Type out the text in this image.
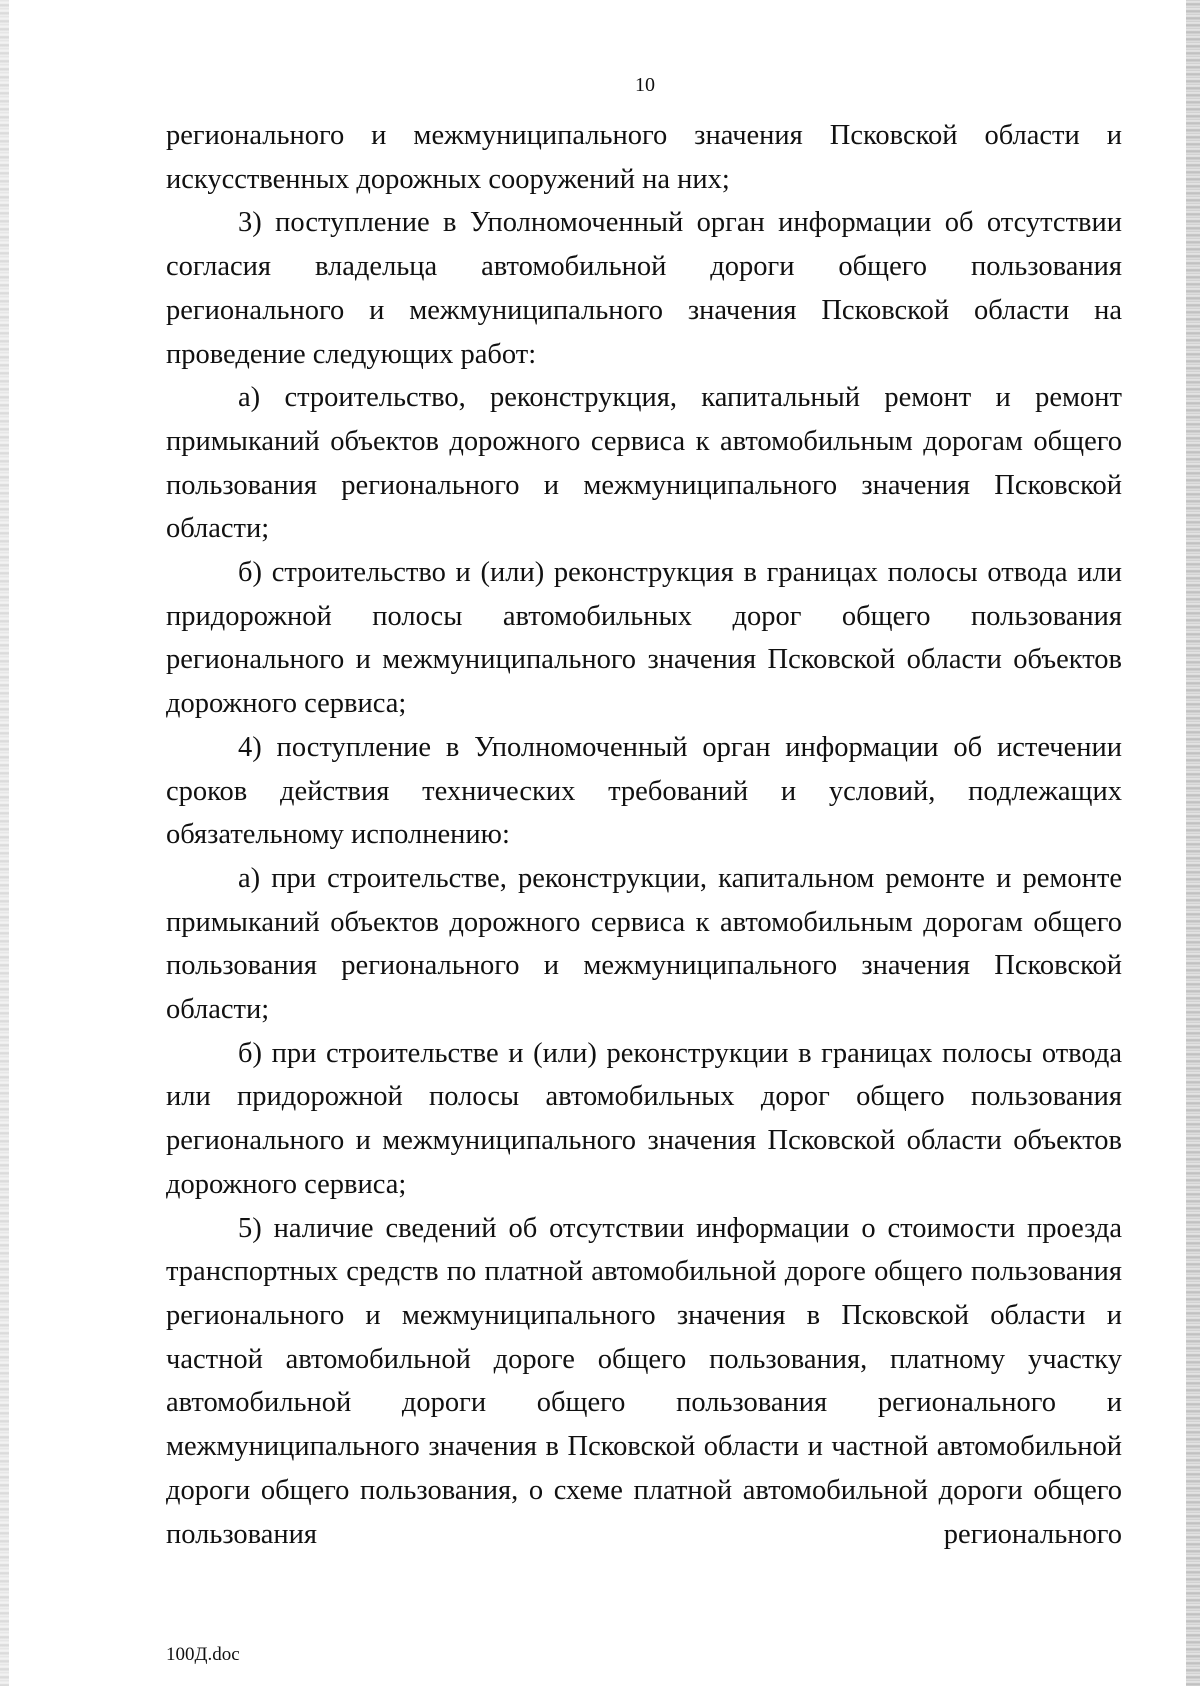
10

регионального и межмуниципального значения Псковской области и искусственных дорожных сооружений на них;

3) поступление в Уполномоченный орган информации об отсутствии согласия владельца автомобильной дороги общего пользования регионального и межмуниципального значения Псковской области на проведение следующих работ:

а) строительство, реконструкция, капитальный ремонт и ремонт примыканий объектов дорожного сервиса к автомобильным дорогам общего пользования регионального и межмуниципального значения Псковской области;

б) строительство и (или) реконструкция в границах полосы отвода или придорожной полосы автомобильных дорог общего пользования регионального и межмуниципального значения Псковской области объектов дорожного сервиса;

4) поступление в Уполномоченный орган информации об истечении сроков действия технических требований и условий, подлежащих обязательному исполнению:

а) при строительстве, реконструкции, капитальном ремонте и ремонте примыканий объектов дорожного сервиса к автомобильным дорогам общего пользования регионального и межмуниципального значения Псковской области;

б) при строительстве и (или) реконструкции в границах полосы отвода или придорожной полосы автомобильных дорог общего пользования регионального и межмуниципального значения Псковской области объектов дорожного сервиса;

5) наличие сведений об отсутствии информации о стоимости проезда транспортных средств по платной автомобильной дороге общего пользования регионального и межмуниципального значения в Псковской области и частной автомобильной дороге общего пользования, платному участку автомобильной дороги общего пользования регионального и межмуниципального значения в Псковской области и частной автомобильной дороги общего пользования, о схеме платной автомобильной дороги общего пользования регионального

100Д.doc
